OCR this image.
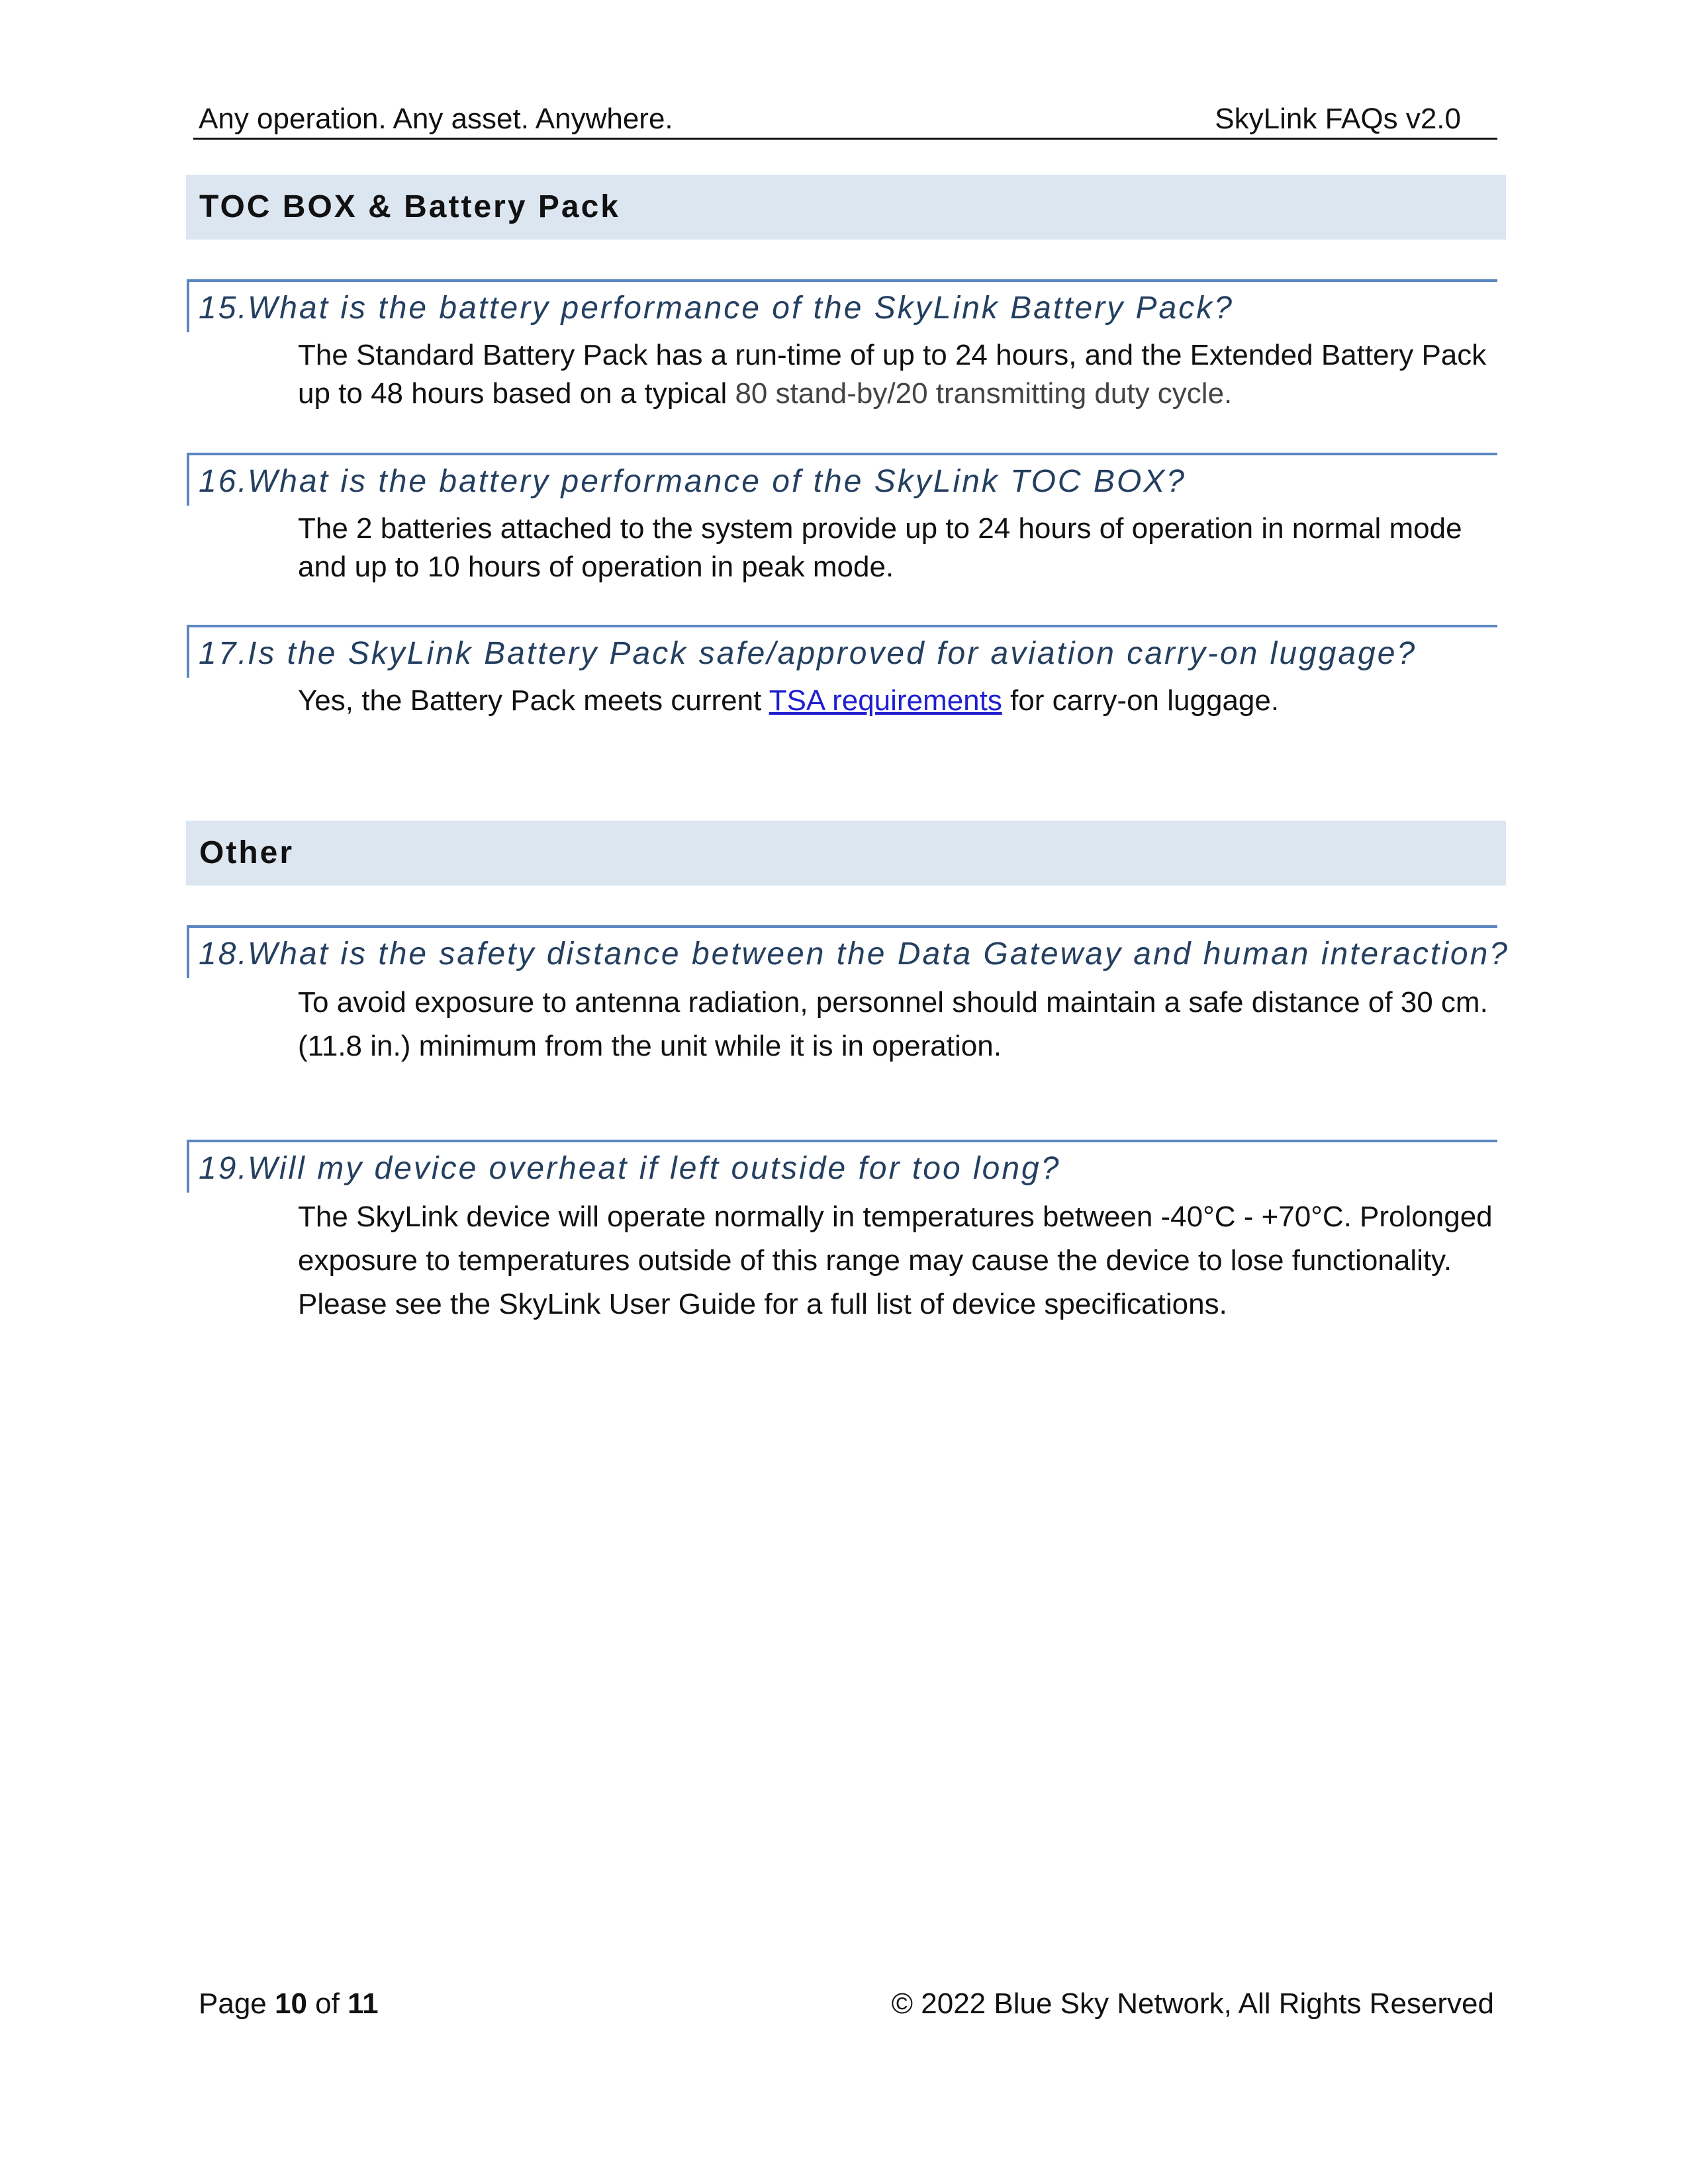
Any operation. Any asset. Anywhere.	SkyLink FAQs v2.0
TOC BOX & Battery Pack
15.What is the battery performance of the SkyLink Battery Pack?
The Standard Battery Pack has a run-time of up to 24 hours, and the Extended Battery Pack
up to 48 hours based on a typical 80 stand-by/20 transmitting duty cycle.
16.What is the battery performance of the SkyLink TOC BOX?
The 2 batteries attached to the system provide up to 24 hours of operation in normal mode
and up to 10 hours of operation in peak mode.
17.Is the SkyLink Battery Pack safe/approved for aviation carry-on luggage?
Yes, the Battery Pack meets current TSA requirements for carry-on luggage.
Other
18.What is the safety distance between the Data Gateway and human interaction?
To avoid exposure to antenna radiation, personnel should maintain a safe distance of 30 cm.
(11.8 in.) minimum from the unit while it is in operation.
19.Will my device overheat if left outside for too long?
The SkyLink device will operate normally in temperatures between -40°C - +70°C. Prolonged
exposure to temperatures outside of this range may cause the device to lose functionality.
Please see the SkyLink User Guide for a full list of device specifications.
Page 10 of 11	© 2022 Blue Sky Network, All Rights Reserved
